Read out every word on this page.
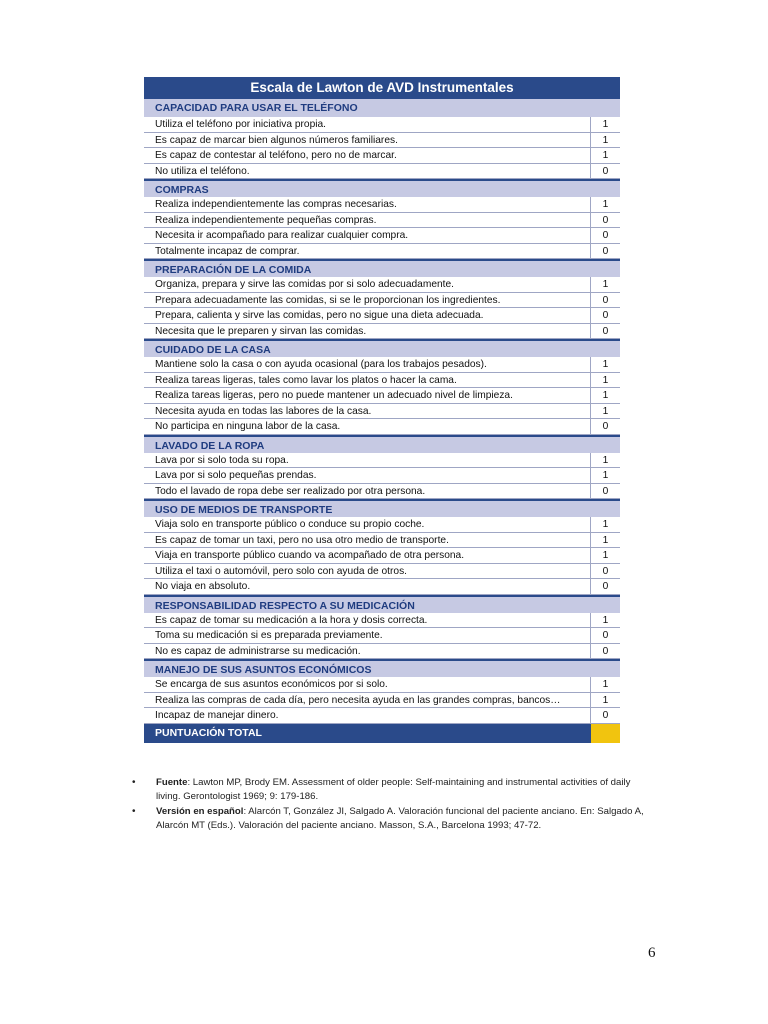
Escala de Lawton de AVD Instrumentales
CAPACIDAD PARA USAR EL TELÉFONO
Utiliza el teléfono por iniciativa propia.	1
Es capaz de marcar bien algunos números familiares.	1
Es capaz de contestar al teléfono, pero no de marcar.	1
No utiliza el teléfono.	0
COMPRAS
Realiza independientemente las compras necesarias.	1
Realiza independientemente pequeñas compras.	0
Necesita ir acompañado para realizar cualquier compra.	0
Totalmente incapaz de comprar.	0
PREPARACIÓN DE LA COMIDA
Organiza, prepara y sirve las comidas por si solo adecuadamente.	1
Prepara adecuadamente las comidas, si se le proporcionan los ingredientes.	0
Prepara, calienta y sirve las comidas, pero no sigue una dieta adecuada.	0
Necesita que le preparen y sirvan las comidas.	0
CUIDADO DE LA CASA
Mantiene solo la casa o con ayuda ocasional (para los trabajos pesados).	1
Realiza tareas ligeras, tales como lavar los platos o hacer la cama.	1
Realiza tareas ligeras, pero no puede mantener un adecuado nivel de limpieza.	1
Necesita ayuda en todas las labores de la casa.	1
No participa en ninguna labor de la casa.	0
LAVADO DE LA ROPA
Lava por si solo toda su ropa.	1
Lava por si solo pequeñas prendas.	1
Todo el lavado de ropa debe ser realizado por otra persona.	0
USO DE MEDIOS DE TRANSPORTE
Viaja solo en transporte público o conduce su propio coche.	1
Es capaz de tomar un taxi, pero no usa otro medio de transporte.	1
Viaja en transporte público cuando va acompañado de otra persona.	1
Utiliza el taxi o automóvil, pero solo con ayuda de otros.	0
No viaja en absoluto.	0
RESPONSABILIDAD RESPECTO A SU MEDICACIÓN
Es capaz de tomar su medicación a la hora y dosis correcta.	1
Toma su medicación si es preparada previamente.	0
No es capaz de administrarse su medicación.	0
MANEJO DE SUS ASUNTOS ECONÓMICOS
Se encarga de sus asuntos económicos por si solo.	1
Realiza las compras de cada día, pero necesita ayuda en las grandes compras, bancos…	1
Incapaz de manejar dinero.	0
PUNTUACIÓN TOTAL
•	Fuente: Lawton MP, Brody EM. Assessment of older people: Self-maintaining and instrumental activities of daily living. Gerontologist 1969; 9: 179-186.
•	Versión en español: Alarcón T, González JI, Salgado A. Valoración funcional del paciente anciano. En: Salgado A, Alarcón MT (Eds.). Valoración del paciente anciano. Masson, S.A., Barcelona 1993; 47-72.
6
